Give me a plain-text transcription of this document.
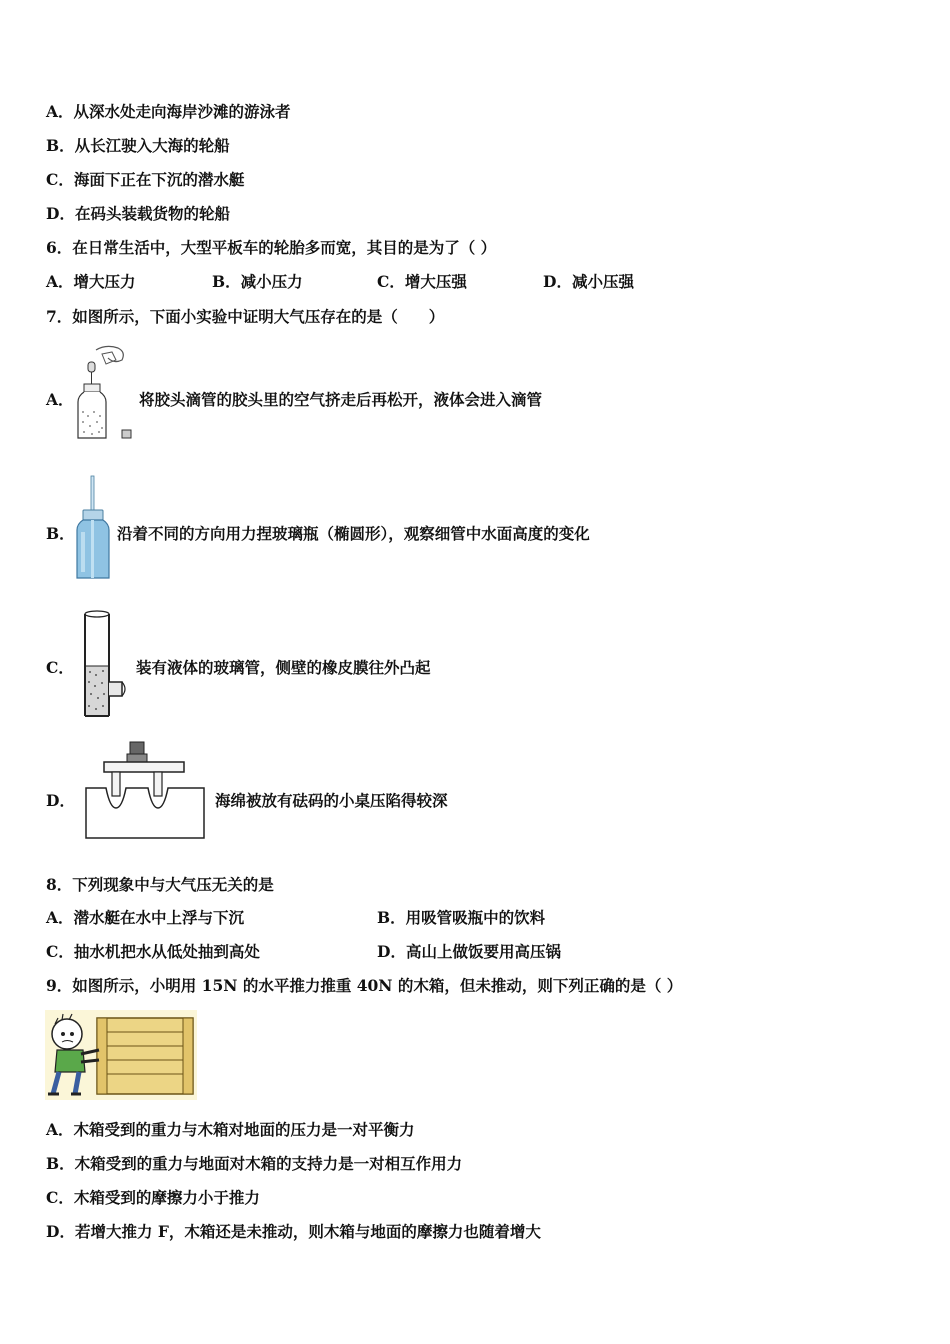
A．从深水处走向海岸沙滩的游泳者
B．从长江驶入大海的轮船
C．海面下正在下沉的潜水艇
D．在码头装载货物的轮船
6．在日常生活中，大型平板车的轮胎多而宽，其目的是为了（ ）
A．增大压力	B．减小压力	C．增大压强	D．减小压强
7．如图所示，下面小实验中证明大气压存在的是（　　）
A．	将胶头滴管的胶头里的空气挤走后再松开，液体会进入滴管
B．	沿着不同的方向用力捏玻璃瓶（椭圆形），观察细管中水面高度的变化
C．	装有液体的玻璃管，侧壁的橡皮膜往外凸起
D．	海绵被放有砝码的小桌压陷得较深
8．下列现象中与大气压无关的是
A．潜水艇在水中上浮与下沉	B．用吸管吸瓶中的饮料
C．抽水机把水从低处抽到高处	D．高山上做饭要用高压锅
9．如图所示，小明用 15N 的水平推力推重 40N 的木箱，但未推动，则下列正确的是（ ）
A．木箱受到的重力与木箱对地面的压力是一对平衡力
B．木箱受到的重力与地面对木箱的支持力是一对相互作用力
C．木箱受到的摩擦力小于推力
D．若增大推力 F，木箱还是未推动，则木箱与地面的摩擦力也随着增大
